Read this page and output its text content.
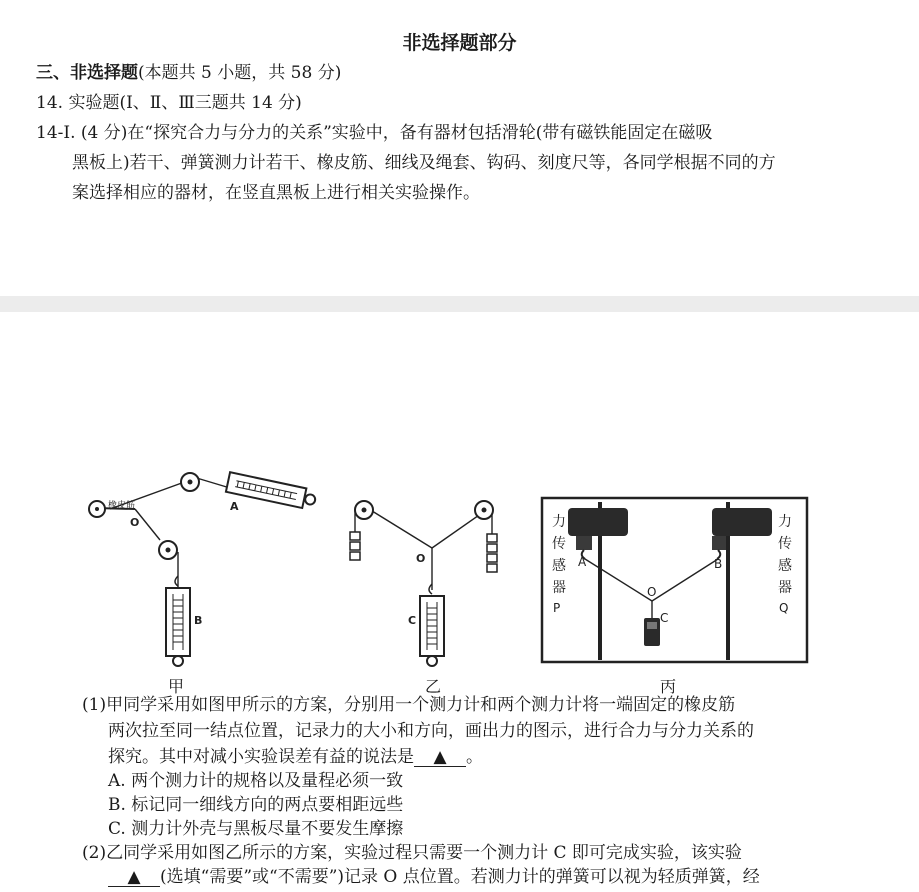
非选择题部分
三、非选择题(本题共 5 小题，共 58 分)
14. 实验题(Ⅰ、Ⅱ、Ⅲ三题共 14 分)
14-Ⅰ. (4 分)在“探究合力与分力的关系”实验中，备有器材包括滑轮(带有磁铁能固定在磁吸
黑板上)若干、弹簧测力计若干、橡皮筋、细线及绳套、钩码、刻度尺等，各同学根据不同的方
案选择相应的器材，在竖直黑板上进行相关实验操作。
橡皮筋
O
A
B
甲
O
C
乙
力
传
感
器
P
力
传
感
器
Q
A	B
O
C
丙
(1)甲同学采用如图甲所示的方案，分别用一个测力计和两个测力计将一端固定的橡皮筋
两次拉至同一结点位置，记录力的大小和方向，画出力的图示，进行合力与分力关系的
探究。其中对减小实验误差有益的说法是 ▲ 。
A. 两个测力计的规格以及量程必须一致
B. 标记同一细线方向的两点要相距远些
C. 测力计外壳与黑板尽量不要发生摩擦
(2)乙同学采用如图乙所示的方案，实验过程只需要一个测力计 C 即可完成实验，该实验
▲ (选填“需要”或“不需要”)记录 O 点位置。若测力计的弹簧可以视为轻质弹簧，经
